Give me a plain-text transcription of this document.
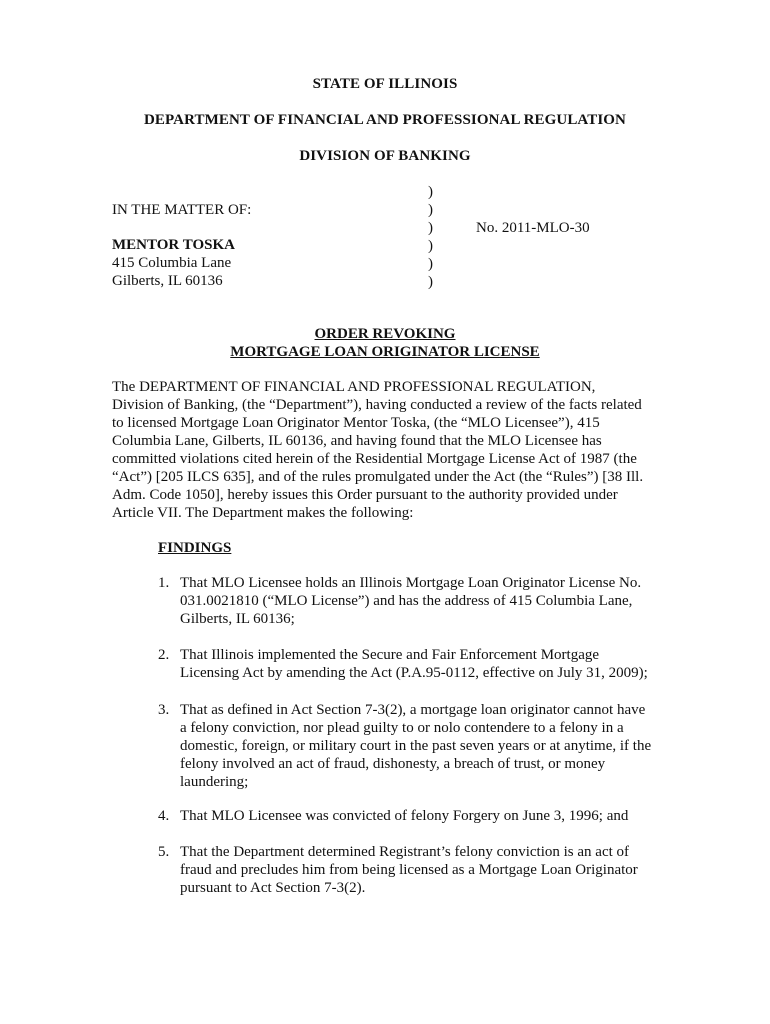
STATE OF ILLINOIS
DEPARTMENT OF FINANCIAL AND PROFESSIONAL REGULATION
DIVISION OF BANKING
IN THE MATTER OF:
MENTOR TOSKA
415 Columbia Lane
Gilberts, IL 60136
)
)
)
)
)
)
No. 2011-MLO-30
ORDER REVOKING
MORTGAGE LOAN ORIGINATOR LICENSE
The DEPARTMENT OF FINANCIAL AND PROFESSIONAL REGULATION,
Division of Banking, (the “Department”), having conducted a review of the facts related
to licensed Mortgage Loan Originator Mentor Toska, (the “MLO Licensee”), 415
Columbia Lane, Gilberts, IL 60136, and having found that the MLO Licensee has
committed violations cited herein of the Residential Mortgage License Act of 1987 (the
“Act”) [205 ILCS 635], and of the rules promulgated under the Act (the “Rules”) [38 Ill.
Adm. Code 1050], hereby issues this Order pursuant to the authority provided under
Article VII. The Department makes the following:
FINDINGS
1. That MLO Licensee holds an Illinois Mortgage Loan Originator License No.
031.0021810 (“MLO License”) and has the address of 415 Columbia Lane,
Gilberts, IL 60136;
2. That Illinois implemented the Secure and Fair Enforcement Mortgage
Licensing Act by amending the Act (P.A.95-0112, effective on July 31, 2009);
3. That as defined in Act Section 7-3(2), a mortgage loan originator cannot have
a felony conviction, nor plead guilty to or nolo contendere to a felony in a
domestic, foreign, or military court in the past seven years or at anytime, if the
felony involved an act of fraud, dishonesty, a breach of trust, or money
laundering;
4. That MLO Licensee was convicted of felony Forgery on June 3, 1996; and
5. That the Department determined Registrant’s felony conviction is an act of
fraud and precludes him from being licensed as a Mortgage Loan Originator
pursuant to Act Section 7-3(2).
